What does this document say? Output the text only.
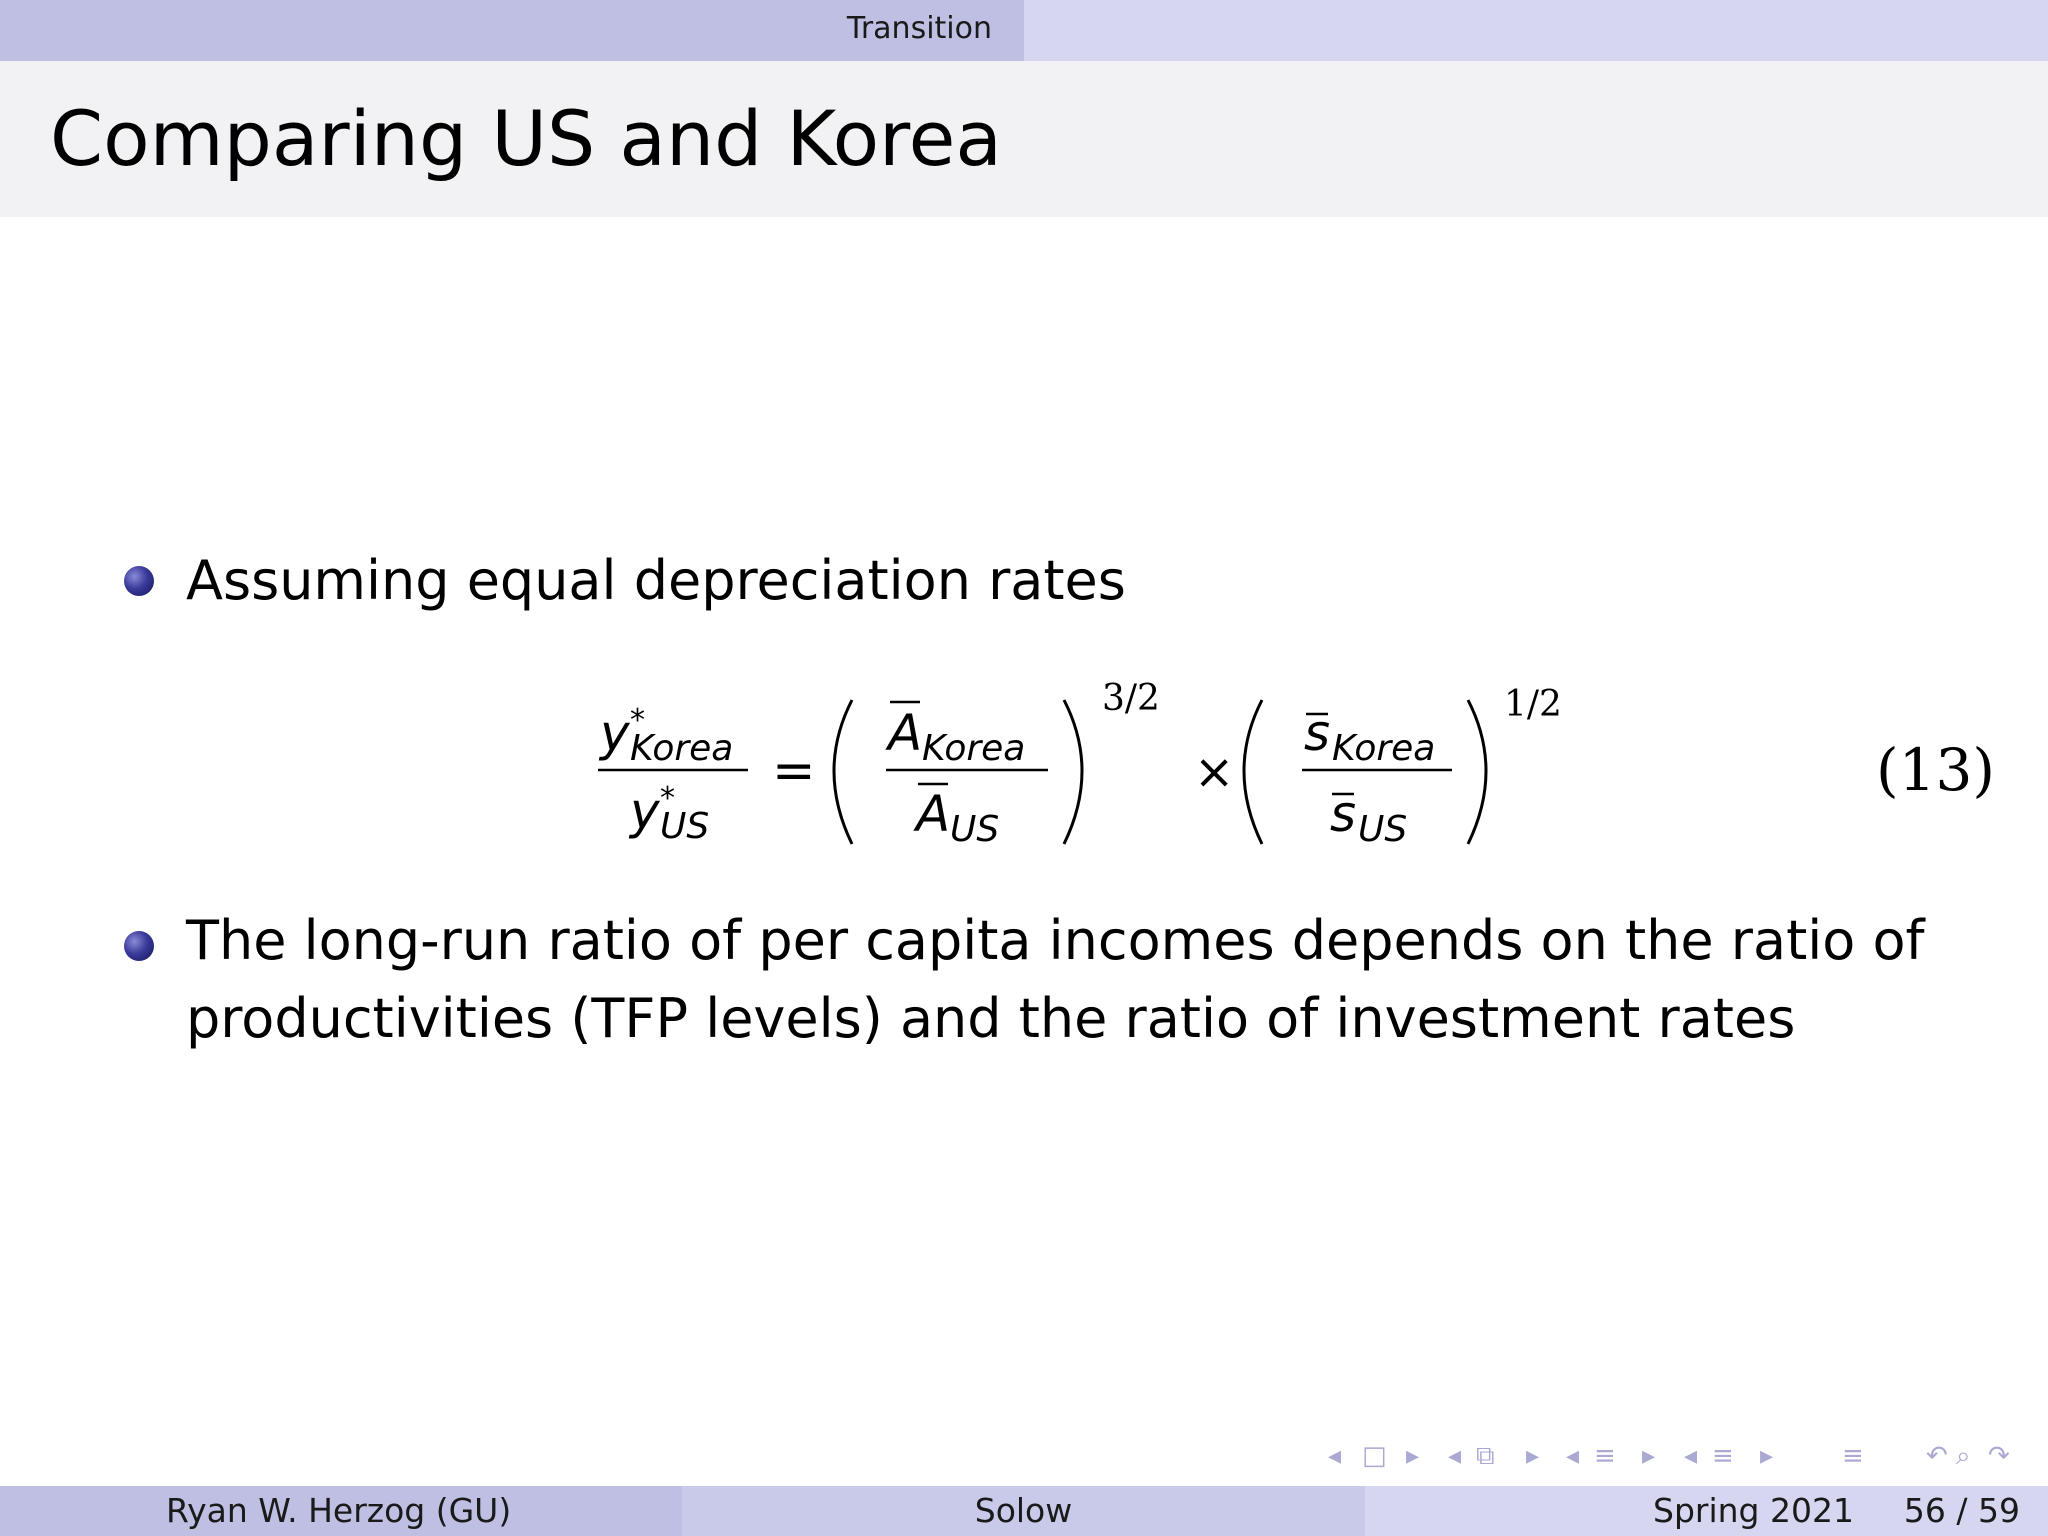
Transition
Comparing US and Korea
Assuming equal depreciation rates
y *
Korea
y *
US
=
A Korea
A US
3/2
×
s Korea
s US
1/2
(13)
The long-run ratio of per capita incomes depends on the ratio of productivities (TFP levels) and the ratio of investment rates
◂ □ ▸ ◂ ⧉ ▸ ◂ ≡ ▸ ◂ ≡ ▸	≡ ↶ ⌕ ↷
Ryan W. Herzog (GU)	Solow	Spring 2021 56 / 59
